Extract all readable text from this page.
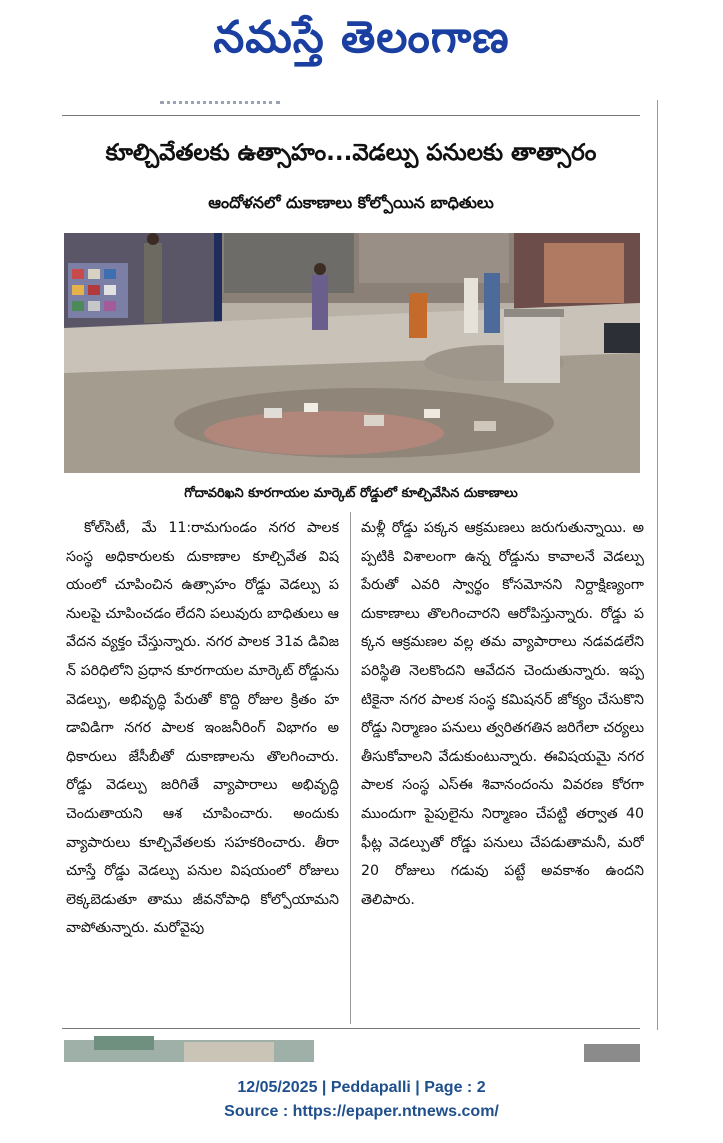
నమస్తే తెలంగాణ
కూల్చివేతలకు ఉత్సాహం...వెడల్పు పనులకు తాత్సారం
ఆందోళనలో దుకాణాలు కోల్పోయిన బాధితులు
గోదావరిఖని కూరగాయల మార్కెట్ రోడ్డులో కూల్చివేసిన దుకాణాలు
కోల్‌సిటీ, మే 11:రామగుండం నగర పాలక సంస్థ అధికారులకు దుకాణాల కూల్చివేత విషయంలో చూపించిన ఉత్సాహం రోడ్డు వెడల్పు పనులపై చూపించడం లేదని పలువురు బాధితులు ఆవేదన వ్యక్తం చేస్తున్నారు. నగర పాలక 31వ డివిజన్ పరిధిలోని ప్రధాన కూరగాయల మార్కెట్ రోడ్డును వెడల్పు, అభివృద్ధి పేరుతో కొద్ది రోజుల క్రితం హడావిడిగా నగర పాలక ఇంజనీరింగ్ విభాగం అధికారులు జేసీబీతో దుకాణాలను తొలగించారు. రోడ్డు వెడల్పు జరిగితే వ్యాపారాలు అభివృద్ధి చెందుతాయని ఆశ చూపించారు. అందుకు వ్యాపారులు కూల్చివేతలకు సహకరించారు. తీరా చూస్తే రోడ్డు వెడల్పు పనుల విషయంలో రోజులు లెక్కబెడుతూ తాము జీవనోపాధి కోల్పోయామని వాపోతున్నారు. మరోవైపు
మళ్లీ రోడ్డు పక్కన ఆక్రమణలు జరుగుతున్నాయి. అప్పటికి విశాలంగా ఉన్న రోడ్డును కావాలనే వెడల్పు పేరుతో ఎవరి స్వార్థం కోసమోనని నిర్దాక్షిణ్యంగా దుకాణాలు తొలగించారని ఆరోపిస్తున్నారు. రోడ్డు పక్కన ఆక్రమణల వల్ల తమ వ్యాపారాలు నడవడలేని పరిస్థితి నెలకొందని ఆవేదన చెందుతున్నారు. ఇప్పటికైనా నగర పాలక సంస్థ కమిషనర్ జోక్యం చేసుకొని రోడ్డు నిర్మాణం పనులు త్వరితగతిన జరిగేలా చర్యలు తీసుకోవాలని వేడుకుంటున్నారు. ఈవిషయమై నగర పాలక సంస్థ ఎస్ఈ శివానందంను వివరణ కోరగా ముందుగా పైపులైను నిర్మాణం చేపట్టి తర్వాత 40 ఫీట్ల వెడల్పుతో రోడ్డు పనులు చేపడుతామనీ, మరో 20 రోజులు గడువు పట్టే అవకాశం ఉందని తెలిపారు.
12/05/2025 | Peddapalli | Page : 2
Source : https://epaper.ntnews.com/
